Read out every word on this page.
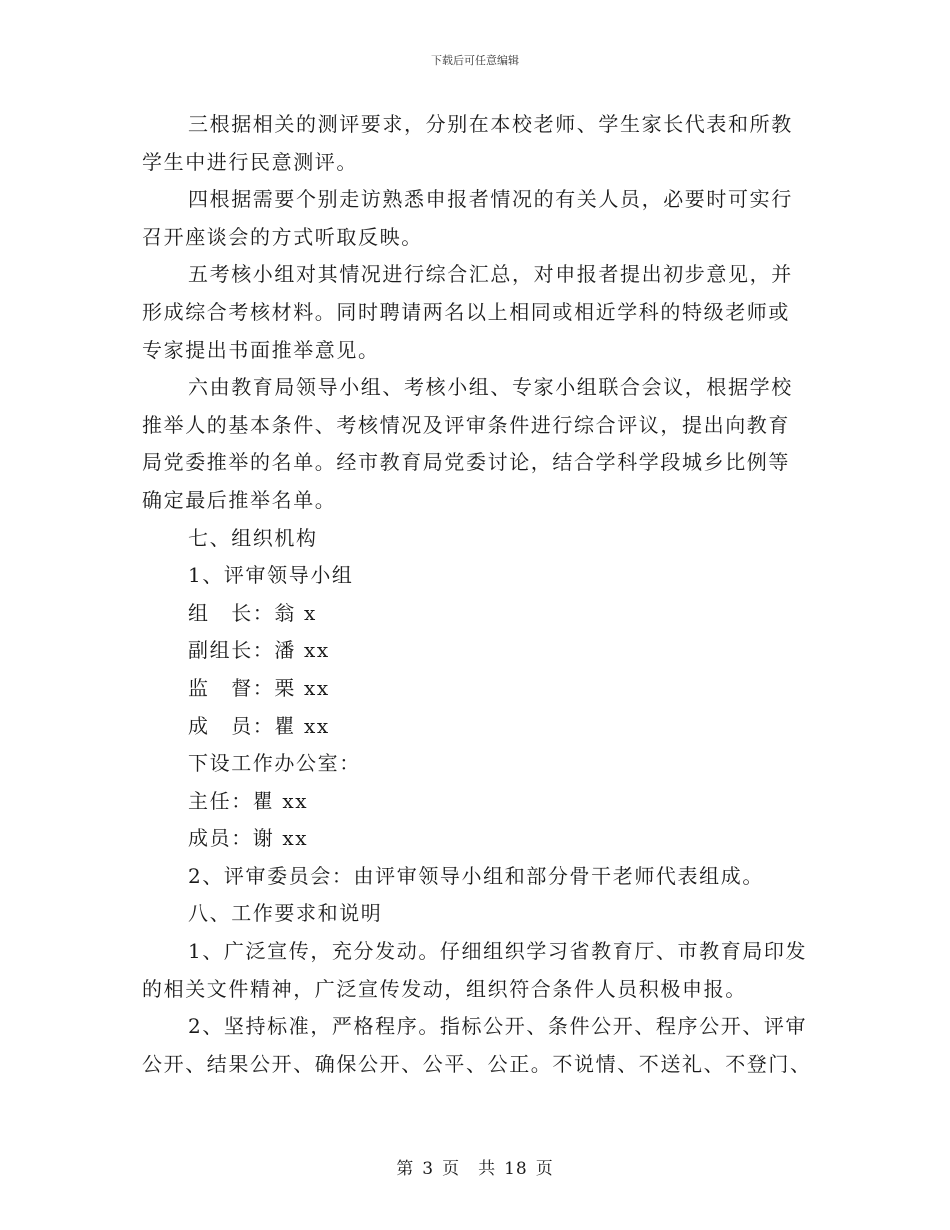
下载后可任意编辑

三根据相关的测评要求，分别在本校老师、学生家长代表和所教

学生中进行民意测评。

四根据需要个别走访熟悉申报者情况的有关人员，必要时可实行

召开座谈会的方式听取反映。

五考核小组对其情况进行综合汇总，对申报者提出初步意见，并

形成综合考核材料。同时聘请两名以上相同或相近学科的特级老师或

专家提出书面推举意见。

六由教育局领导小组、考核小组、专家小组联合会议，根据学校

推举人的基本条件、考核情况及评审条件进行综合评议，提出向教育

局党委推举的名单。经市教育局党委讨论，结合学科学段城乡比例等

确定最后推举名单。

七、组织机构

1、评审领导小组

组　长：翁 x

副组长：潘 xx

监　督：栗 xx

成　员：瞿 xx

下设工作办公室：

主任：瞿 xx

成员：谢 xx

2、评审委员会：由评审领导小组和部分骨干老师代表组成。

八、工作要求和说明

1、广泛宣传，充分发动。仔细组织学习省教育厅、市教育局印发

的相关文件精神，广泛宣传发动，组织符合条件人员积极申报。

2、坚持标准，严格程序。指标公开、条件公开、程序公开、评审

公开、结果公开、确保公开、公平、公正。不说情、不送礼、不登门、

第 3 页　共 18 页
